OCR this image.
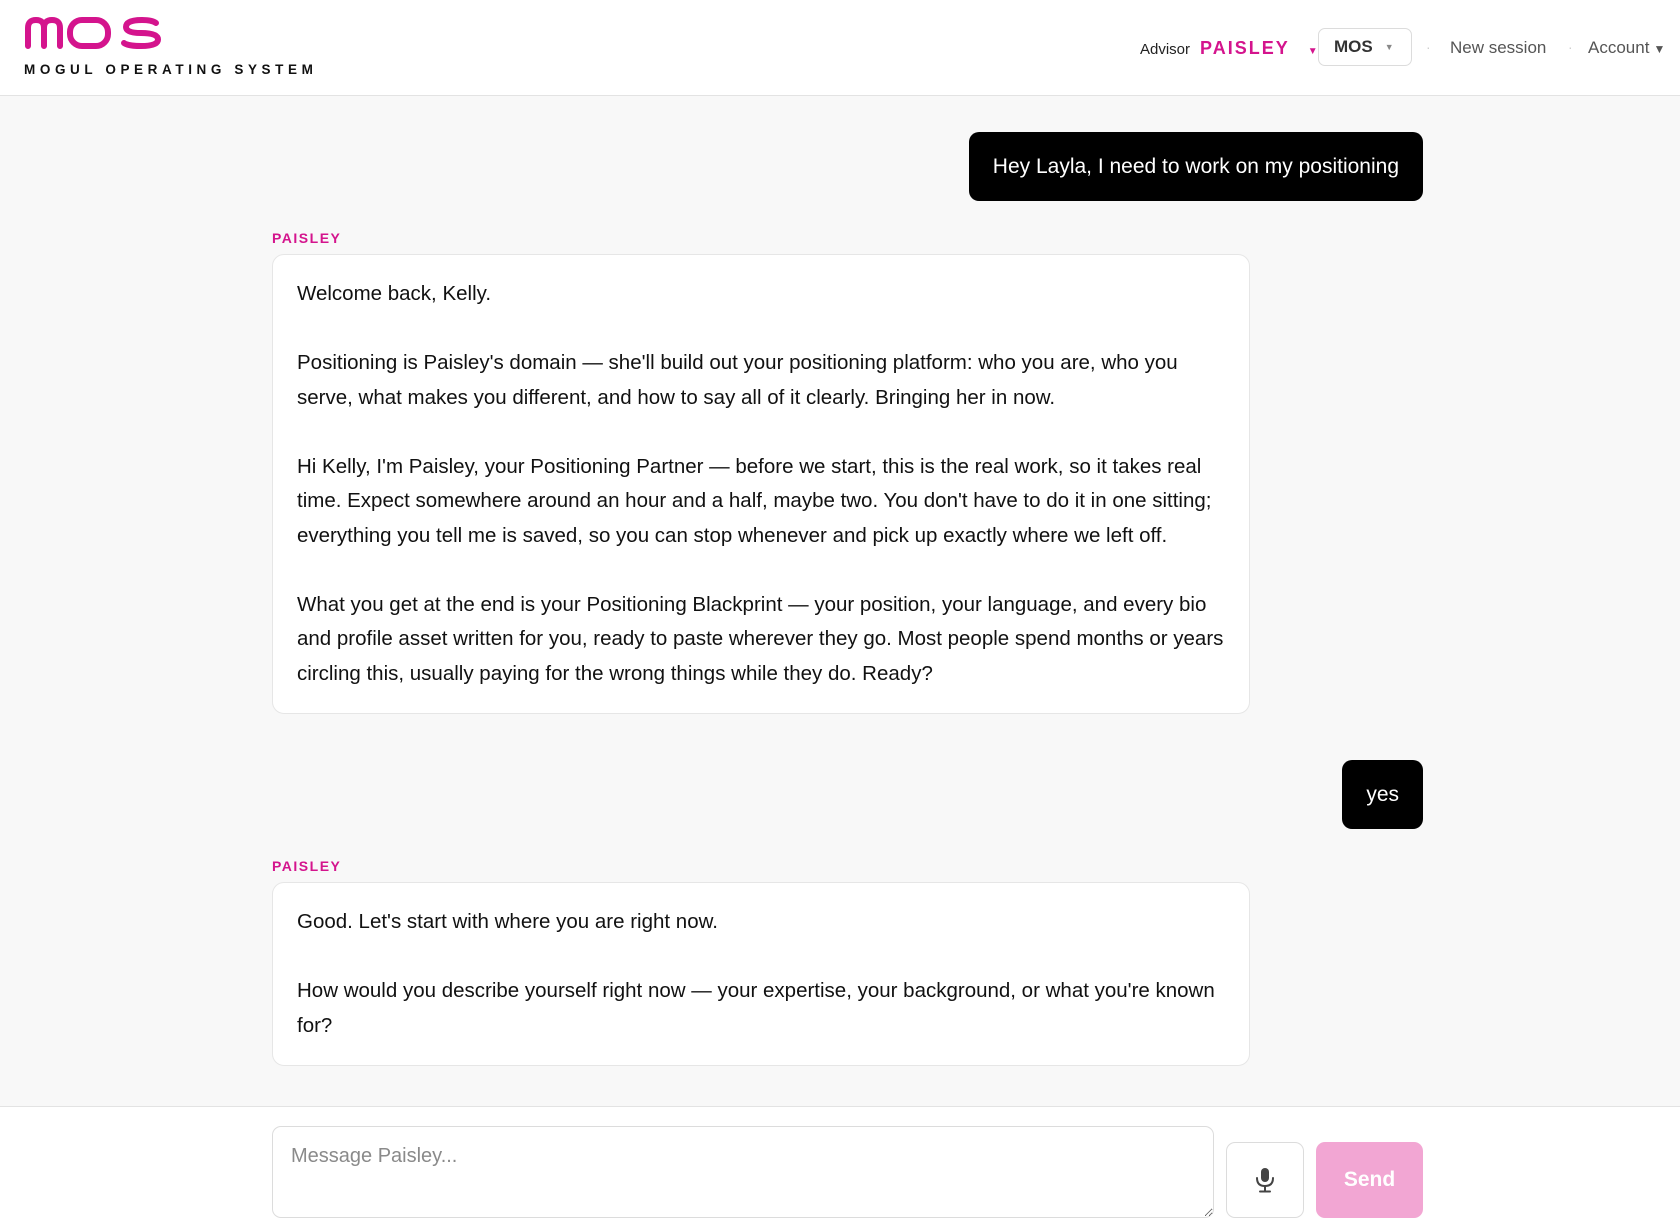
MOGUL OPERATING SYSTEM
Advisor PAISLEY ▼ MOS ▼ · New session · Account ▼
Hey Layla, I need to work on my positioning
PAISLEY

Welcome back, Kelly.

Positioning is Paisley's domain — she'll build out your positioning platform: who you are, who you serve, what makes you different, and how to say all of it clearly. Bringing her in now.

Hi Kelly, I'm Paisley, your Positioning Partner — before we start, this is the real work, so it takes real time. Expect somewhere around an hour and a half, maybe two. You don't have to do it in one sitting; everything you tell me is saved, so you can stop whenever and pick up exactly where we left off.

What you get at the end is your Positioning Blackprint — your position, your language, and every bio and profile asset written for you, ready to paste wherever they go. Most people spend months or years circling this, usually paying for the wrong things while they do. Ready?

yes
PAISLEY

Good. Let's start with where you are right now.

How would you describe yourself right now — your expertise, your background, or what you're known for?

Message Paisley...
Send
